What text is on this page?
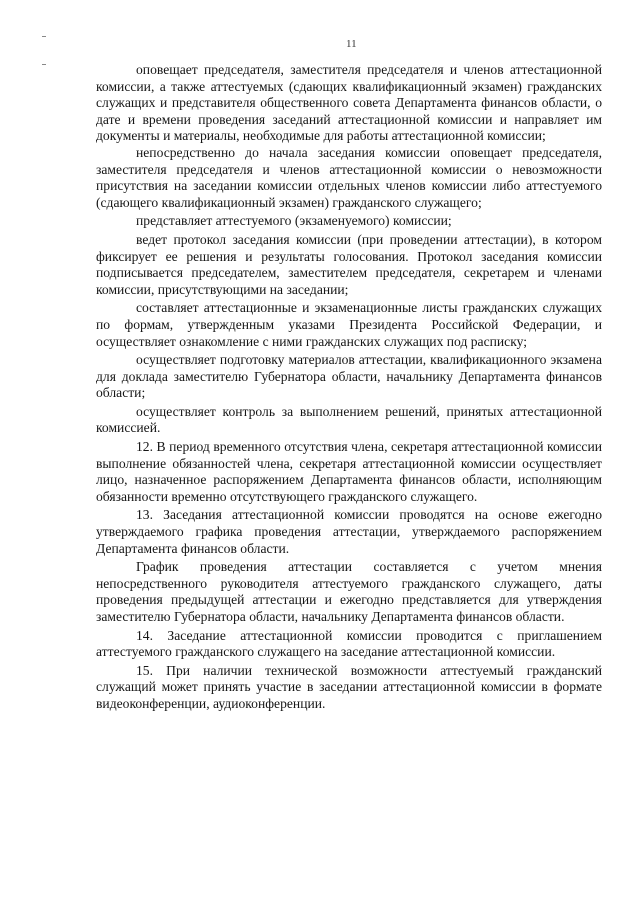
11

оповещает председателя, заместителя председателя и членов аттестационной комиссии, а также аттестуемых (сдающих квалификационный экзамен) гражданских служащих и представителя общественного совета Департамента финансов области, о дате и времени проведения заседаний аттестационной комиссии и направляет им документы и материалы, необходимые для работы аттестационной комиссии;

непосредственно до начала заседания комиссии оповещает председателя, заместителя председателя и членов аттестационной комиссии о невозможности присутствия на заседании комиссии отдельных членов комиссии либо аттестуемого (сдающего квалификационный экзамен) гражданского служащего;

представляет аттестуемого (экзаменуемого) комиссии;

ведет протокол заседания комиссии (при проведении аттестации), в котором фиксирует ее решения и результаты голосования. Протокол заседания комиссии подписывается председателем, заместителем председателя, секретарем и членами комиссии, присутствующими на заседании;

составляет аттестационные и экзаменационные листы гражданских служащих по формам, утвержденным указами Президента Российской Федерации, и осуществляет ознакомление с ними гражданских служащих под расписку;

осуществляет подготовку материалов аттестации, квалификационного экзамена для доклада заместителю Губернатора области, начальнику Департамента финансов области;

осуществляет контроль за выполнением решений, принятых аттестационной комиссией.

12. В период временного отсутствия члена, секретаря аттестационной комиссии выполнение обязанностей члена, секретаря аттестационной комиссии осуществляет лицо, назначенное распоряжением Департамента финансов области, исполняющим обязанности временно отсутствующего гражданского служащего.

13. Заседания аттестационной комиссии проводятся на основе ежегодно утверждаемого графика проведения аттестации, утверждаемого распоряжением Департамента финансов области.

График проведения аттестации составляется с учетом мнения непосредственного руководителя аттестуемого гражданского служащего, даты проведения предыдущей аттестации и ежегодно представляется для утверждения заместителю Губернатора области, начальнику Департамента финансов области.

14. Заседание аттестационной комиссии проводится с приглашением аттестуемого гражданского служащего на заседание аттестационной комиссии.

15. При наличии технической возможности аттестуемый гражданский служащий может принять участие в заседании аттестационной комиссии в формате видеоконференции, аудиоконференции.
